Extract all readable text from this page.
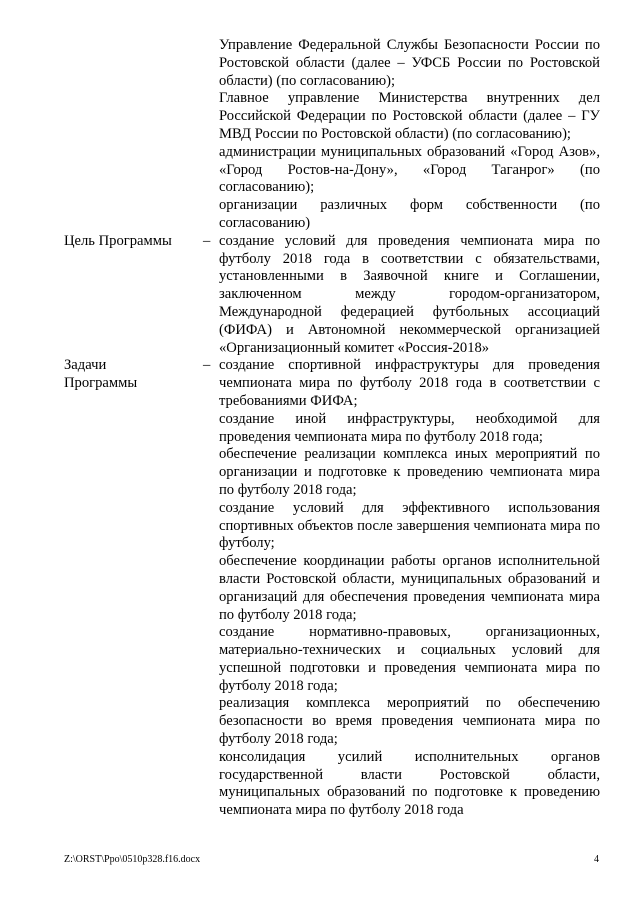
Управление Федеральной Службы Безопасности России по Ростовской области (далее – УФСБ России по Ростовской области) (по согласованию);

Главное управление Министерства внутренних дел Российской Федерации по Ростовской области (далее – ГУ МВД России по Ростовской области) (по согласованию);

администрации муниципальных образований «Город Азов», «Город Ростов-на-Дону», «Город Таганрог» (по согласованию);

организации различных форм собственности (по согласованию)

Цель Программы	– создание условий для проведения чемпионата мира по футболу 2018 года в соответствии с обязательствами, установленными в Заявочной книге и Соглашении, заключенном между городом-организатором, Международной федерацией футбольных ассоциаций (ФИФА) и Автономной некоммерческой организацией «Организационный комитет «Россия-2018»

Задачи
Программы
– создание спортивной инфраструктуры для проведения чемпионата мира по футболу 2018 года в соответствии с требованиями ФИФА;

создание иной инфраструктуры, необходимой для проведения чемпионата мира по футболу 2018 года;

обеспечение реализации комплекса иных мероприятий по организации и подготовке к проведению чемпионата мира по футболу 2018 года;

создание условий для эффективного использования спортивных объектов после завершения чемпионата мира по футболу;

обеспечение координации работы органов исполнительной власти Ростовской области, муниципальных образований и организаций для обеспечения проведения чемпионата мира по футболу 2018 года;

создание нормативно-правовых, организационных, материально-технических и социальных условий для успешной подготовки и проведения чемпионата мира по футболу 2018 года;

реализация комплекса мероприятий по обеспечению безопасности во время проведения чемпионата мира по футболу 2018 года;

консолидация усилий исполнительных органов государственной власти Ростовской области, муниципальных образований по подготовке к проведению чемпионата мира по футболу 2018 года

Z:\ORST\Ppo\0510p328.f16.docx	4
